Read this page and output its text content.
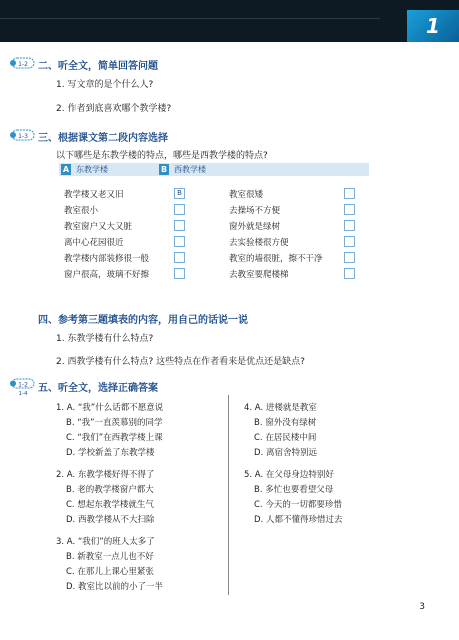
1
1-2 二、听全文，简单回答问题
1. 写文章的是个什么人?
2. 作者到底喜欢哪个教学楼?
1-3 三、根据课文第二段内容选择
以下哪些是东教学楼的特点，哪些是西教学楼的特点?
A 东教学楼	B 西教学楼
教学楼又老又旧	B
教室很小
教室窗户又大又脏
离中心花园很近
教学楼内部装修很一般
窗户很高，玻璃不好擦
教室很矮
去操场不方便
窗外就是绿树
去实验楼很方便
教室的墙很脏，擦不干净
去教室要爬楼梯
四、参考第三题填表的内容，用自己的话说一说
1. 东教学楼有什么特点?
2. 西教学楼有什么特点? 这些特点在作者看来是优点还是缺点?
1-2
1-4 五、听全文，选择正确答案
1. A. “我”什么话都不愿意说
B. “我”一直羡慕别的同学
C. “我们”在西教学楼上课
D. 学校新盖了东教学楼
2. A. 东教学楼好得不得了
B. 老的教学楼窗户都大
C. 想起东教学楼就生气
D. 西教学楼从不大扫除
3. A. “我们”的班人太多了
B. 新教室一点儿也不好
C. 在那儿上课心里紧张
D. 教室比以前的小了一半
4. A. 进楼就是教室
B. 窗外没有绿树
C. 在居民楼中间
D. 离宿舍特别远
5. A. 在父母身边特别好
B. 多忙也要看望父母
C. 今天的一切都要珍惜
D. 人都不懂得珍惜过去
3
